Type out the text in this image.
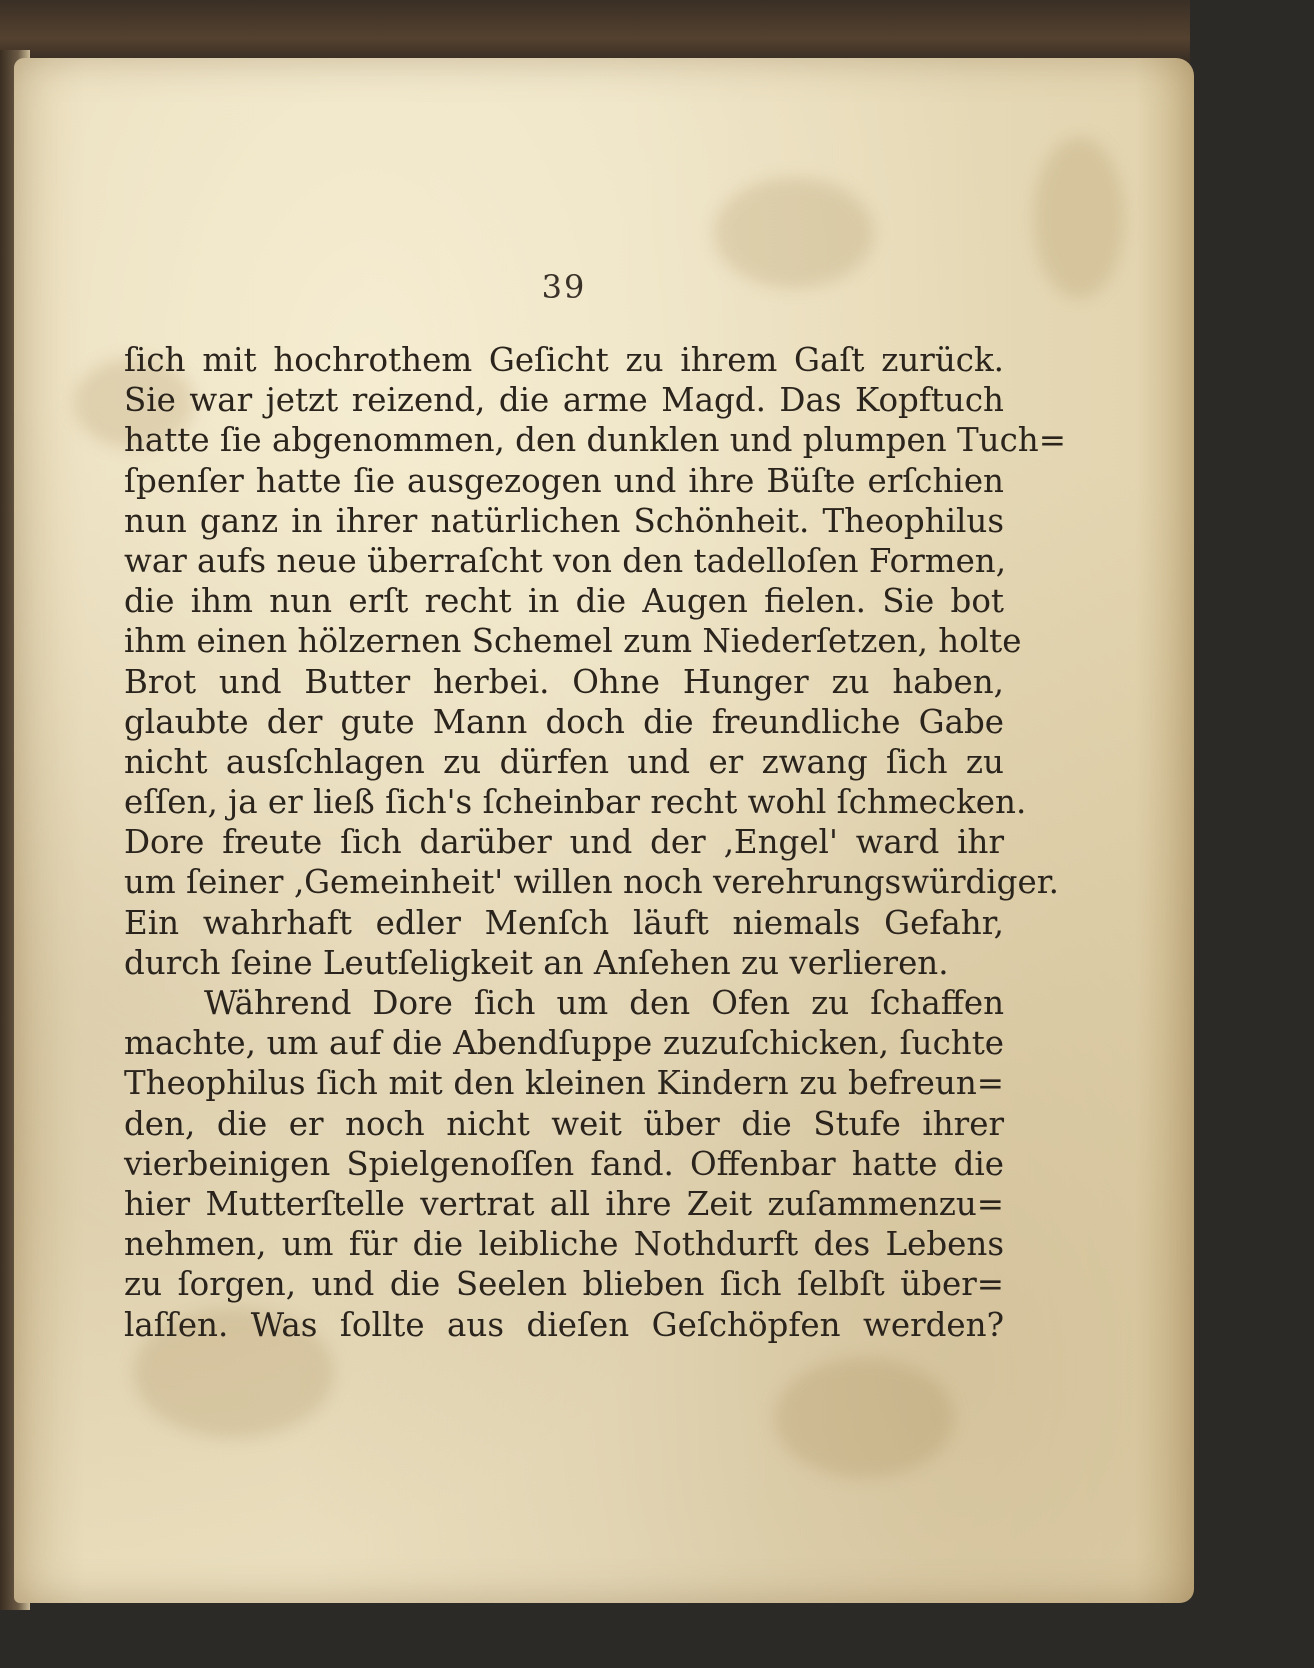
39
ſich mit hochrothem Geſicht zu ihrem Gaſt zurück.
Sie war jetzt reizend, die arme Magd. Das Kopftuch
hatte ſie abgenommen, den dunklen und plumpen Tuch=
ſpenſer hatte ſie ausgezogen und ihre Büſte erſchien
nun ganz in ihrer natürlichen Schönheit. Theophilus
war aufs neue überraſcht von den tadelloſen Formen,
die ihm nun erſt recht in die Augen fielen. Sie bot
ihm einen hölzernen Schemel zum Niederſetzen, holte
Brot und Butter herbei. Ohne Hunger zu haben,
glaubte der gute Mann doch die freundliche Gabe
nicht ausſchlagen zu dürfen und er zwang ſich zu
eſſen, ja er ließ ſich's ſcheinbar recht wohl ſchmecken.
Dore freute ſich darüber und der ‚Engel' ward ihr
um ſeiner ‚Gemeinheit' willen noch verehrungswürdiger.
Ein wahrhaft edler Menſch läuft niemals Gefahr,
durch ſeine Leutſeligkeit an Anſehen zu verlieren.
Während Dore ſich um den Ofen zu ſchaffen
machte, um auf die Abendſuppe zuzuſchicken, ſuchte
Theophilus ſich mit den kleinen Kindern zu befreun=
den, die er noch nicht weit über die Stufe ihrer
vierbeinigen Spielgenoſſen fand. Offenbar hatte die
hier Mutterſtelle vertrat all ihre Zeit zuſammenzu=
nehmen, um für die leibliche Nothdurft des Lebens
zu ſorgen, und die Seelen blieben ſich ſelbſt über=
laſſen. Was ſollte aus dieſen Geſchöpfen werden?
